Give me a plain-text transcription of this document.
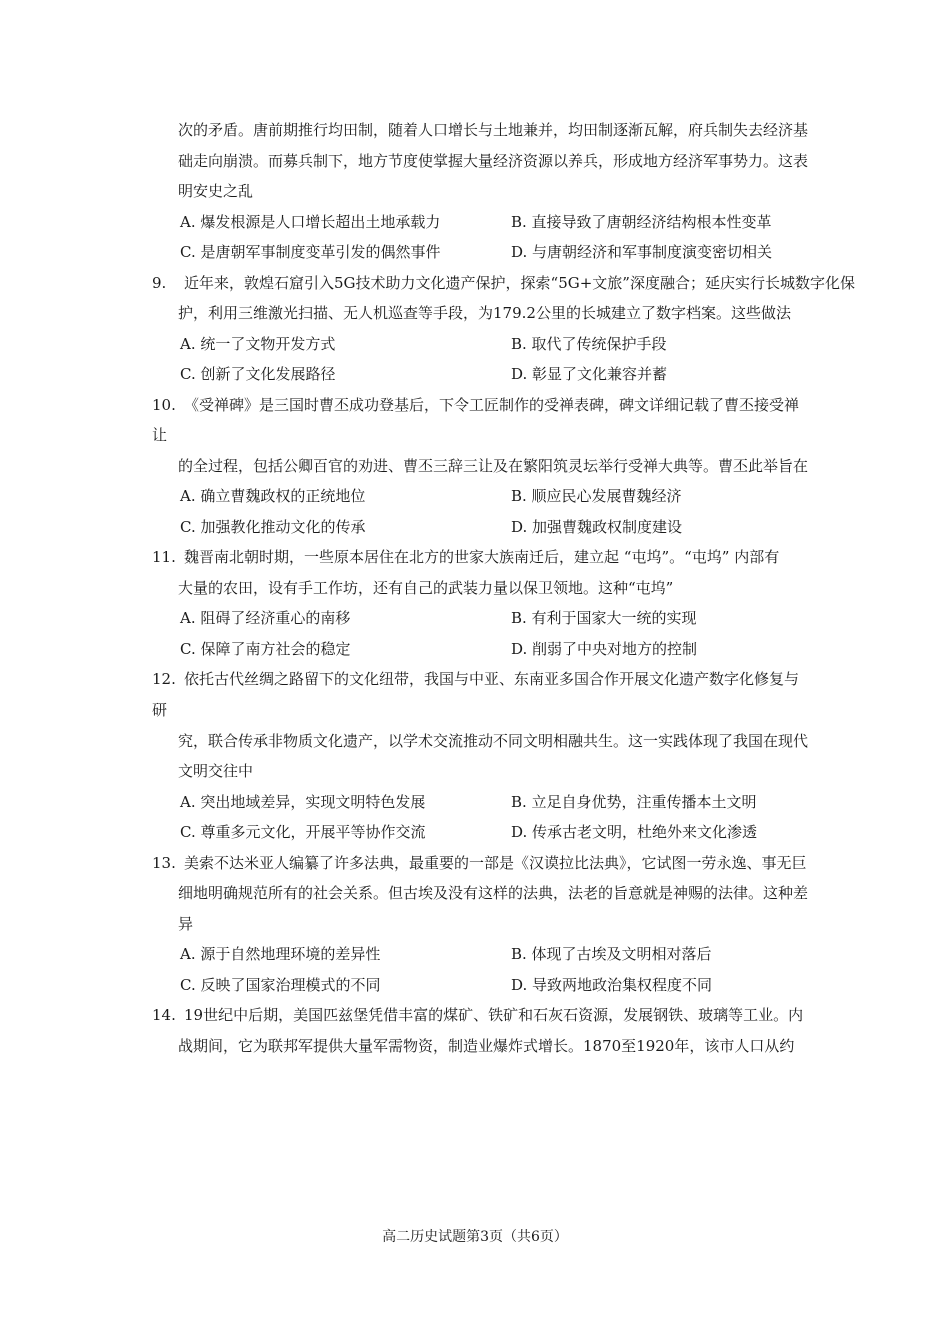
次的矛盾。唐前期推行均田制，随着人口增长与土地兼并，均田制逐渐瓦解，府兵制失去经济基
础走向崩溃。而募兵制下，地方节度使掌握大量经济资源以养兵，形成地方经济军事势力。这表
明安史之乱
A. 爆发根源是人口增长超出土地承载力	B. 直接导致了唐朝经济结构根本性变革
C. 是唐朝军事制度变革引发的偶然事件	D. 与唐朝经济和军事制度演变密切相关
9. 近年来，敦煌石窟引入5G技术助力文化遗产保护，探索“5G+文旅”深度融合；延庆实行长城数字化保
护，利用三维激光扫描、无人机巡查等手段，为179.2公里的长城建立了数字档案。这些做法
A. 统一了文物开发方式	B. 取代了传统保护手段
C. 创新了文化发展路径	D. 彰显了文化兼容并蓄
10. 《受禅碑》是三国时曹丕成功登基后，下令工匠制作的受禅表碑，碑文详细记载了曹丕接受禅
让
的全过程，包括公卿百官的劝进、曹丕三辞三让及在繁阳筑灵坛举行受禅大典等。曹丕此举旨在
A. 确立曹魏政权的正统地位	B. 顺应民心发展曹魏经济
C. 加强教化推动文化的传承	D. 加强曹魏政权制度建设
11. 魏晋南北朝时期，一些原本居住在北方的世家大族南迁后，建立起 “屯坞”。“屯坞” 内部有
大量的农田，设有手工作坊，还有自己的武装力量以保卫领地。这种“屯坞”
A. 阻碍了经济重心的南移	B. 有利于国家大一统的实现
C. 保障了南方社会的稳定	D. 削弱了中央对地方的控制
12. 依托古代丝绸之路留下的文化纽带，我国与中亚、东南亚多国合作开展文化遗产数字化修复与
研
究，联合传承非物质文化遗产，以学术交流推动不同文明相融共生。这一实践体现了我国在现代
文明交往中
A. 突出地域差异，实现文明特色发展	B. 立足自身优势，注重传播本土文明
C. 尊重多元文化，开展平等协作交流	D. 传承古老文明，杜绝外来文化渗透
13. 美索不达米亚人编纂了许多法典，最重要的一部是《汉谟拉比法典》，它试图一劳永逸、事无巨
细地明确规范所有的社会关系。但古埃及没有这样的法典，法老的旨意就是神赐的法律。这种差
异
A. 源于自然地理环境的差异性	B. 体现了古埃及文明相对落后
C. 反映了国家治理模式的不同	D. 导致两地政治集权程度不同
14. 19世纪中后期，美国匹兹堡凭借丰富的煤矿、铁矿和石灰石资源，发展钢铁、玻璃等工业。内
战期间，它为联邦军提供大量军需物资，制造业爆炸式增长。1870至1920年，该市人口从约
高二历史试题第3页（共6页）
